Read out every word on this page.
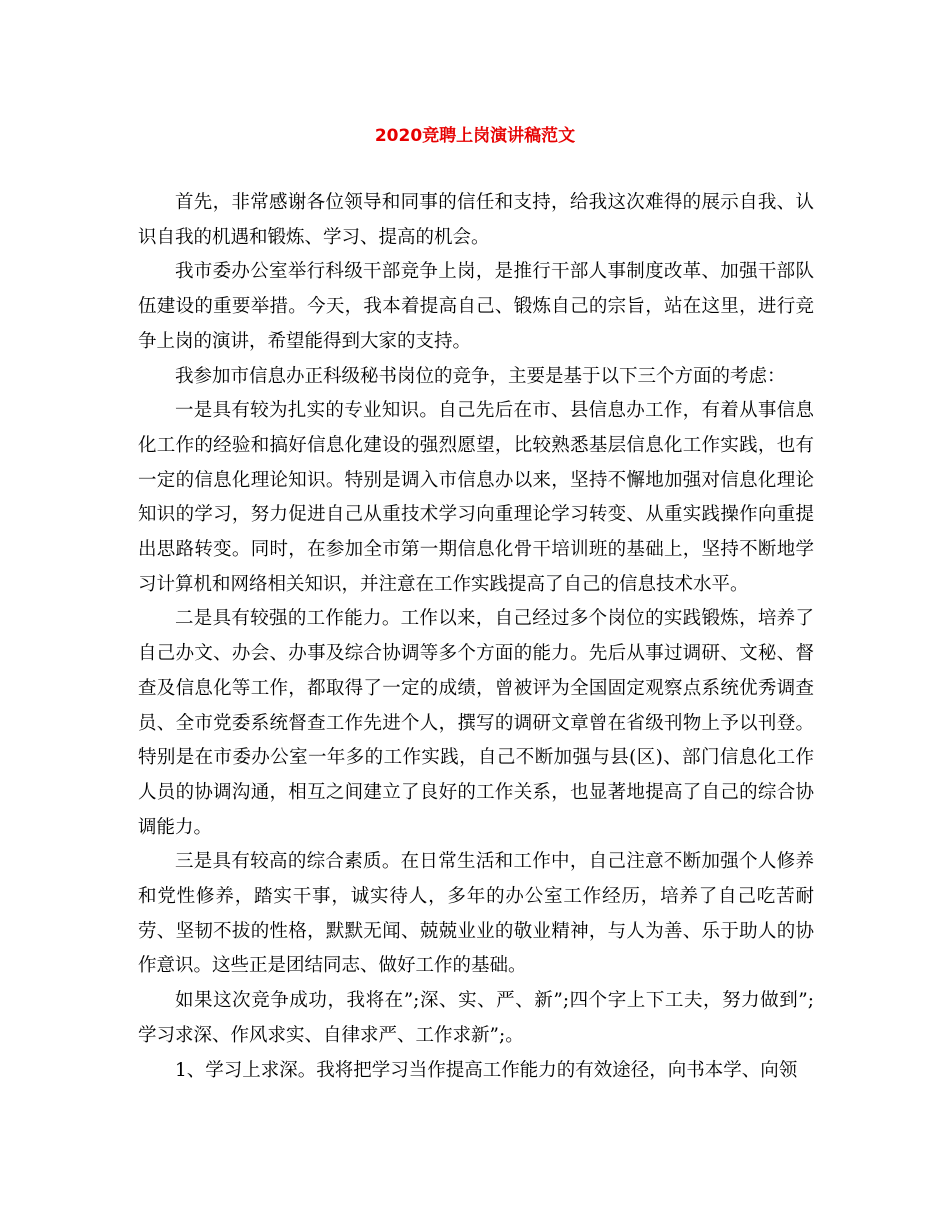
2020竞聘上岗演讲稿范文

首先，非常感谢各位领导和同事的信任和支持，给我这次难得的展示自我、认识自我的机遇和锻炼、学习、提高的机会。

我市委办公室举行科级干部竞争上岗，是推行干部人事制度改革、加强干部队伍建设的重要举措。今天，我本着提高自己、锻炼自己的宗旨，站在这里，进行竞争上岗的演讲，希望能得到大家的支持。

我参加市信息办正科级秘书岗位的竞争，主要是基于以下三个方面的考虑：

一是具有较为扎实的专业知识。自己先后在市、县信息办工作，有着从事信息化工作的经验和搞好信息化建设的强烈愿望，比较熟悉基层信息化工作实践，也有一定的信息化理论知识。特别是调入市信息办以来，坚持不懈地加强对信息化理论知识的学习，努力促进自己从重技术学习向重理论学习转变、从重实践操作向重提出思路转变。同时，在参加全市第一期信息化骨干培训班的基础上，坚持不断地学习计算机和网络相关知识，并注意在工作实践提高了自己的信息技术水平。

二是具有较强的工作能力。工作以来，自己经过多个岗位的实践锻炼，培养了自己办文、办会、办事及综合协调等多个方面的能力。先后从事过调研、文秘、督查及信息化等工作，都取得了一定的成绩，曾被评为全国固定观察点系统优秀调查员、全市党委系统督查工作先进个人，撰写的调研文章曾在省级刊物上予以刊登。特别是在市委办公室一年多的工作实践，自己不断加强与县(区)、部门信息化工作人员的协调沟通，相互之间建立了良好的工作关系，也显著地提高了自己的综合协调能力。

三是具有较高的综合素质。在日常生活和工作中，自己注意不断加强个人修养和党性修养，踏实干事，诚实待人，多年的办公室工作经历，培养了自己吃苦耐劳、坚韧不拔的性格，默默无闻、兢兢业业的敬业精神，与人为善、乐于助人的协作意识。这些正是团结同志、做好工作的基础。

如果这次竞争成功，我将在”;深、实、严、新”;四个字上下工夫，努力做到”;学习求深、作风求实、自律求严、工作求新”;。

1、学习上求深。我将把学习当作提高工作能力的有效途径，向书本学、向领
